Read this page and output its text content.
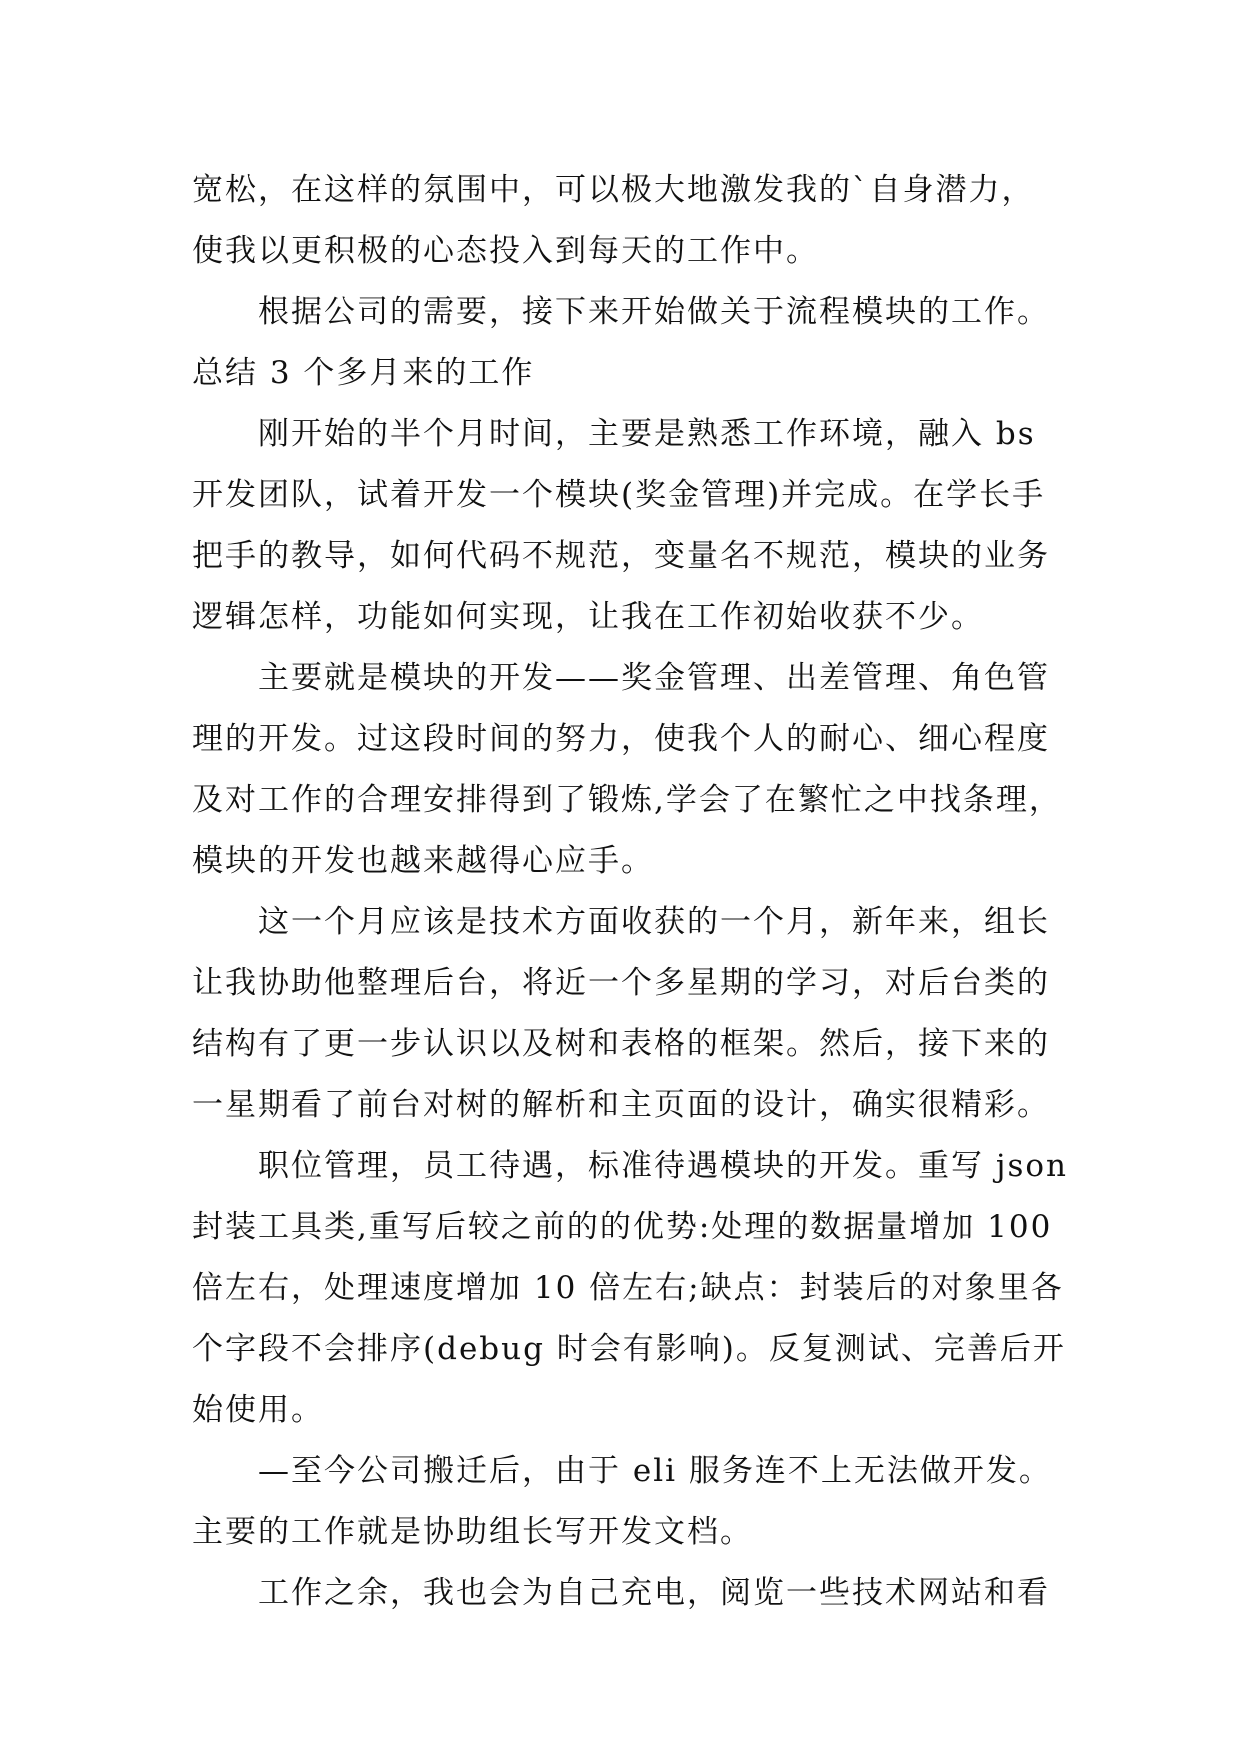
宽松，在这样的氛围中，可以极大地激发我的`自身潜力，
使我以更积极的心态投入到每天的工作中。
根据公司的需要，接下来开始做关于流程模块的工作。
总结 3 个多月来的工作
刚开始的半个月时间，主要是熟悉工作环境，融入 bs
开发团队，试着开发一个模块(奖金管理)并完成。在学长手
把手的教导，如何代码不规范，变量名不规范，模块的业务
逻辑怎样，功能如何实现，让我在工作初始收获不少。
主要就是模块的开发——奖金管理、出差管理、角色管
理的开发。过这段时间的努力，使我个人的耐心、细心程度
及对工作的合理安排得到了锻炼,学会了在繁忙之中找条理，
模块的开发也越来越得心应手。
这一个月应该是技术方面收获的一个月，新年来，组长
让我协助他整理后台，将近一个多星期的学习，对后台类的
结构有了更一步认识以及树和表格的框架。然后，接下来的
一星期看了前台对树的解析和主页面的设计，确实很精彩。
职位管理，员工待遇，标准待遇模块的开发。重写 json
封装工具类,重写后较之前的的优势:处理的数据量增加 100
倍左右，处理速度增加 10 倍左右;缺点：封装后的对象里各
个字段不会排序(debug 时会有影响)。反复测试、完善后开
始使用。
—至今公司搬迁后，由于 eli 服务连不上无法做开发。
主要的工作就是协助组长写开发文档。
工作之余，我也会为自己充电，阅览一些技术网站和看
